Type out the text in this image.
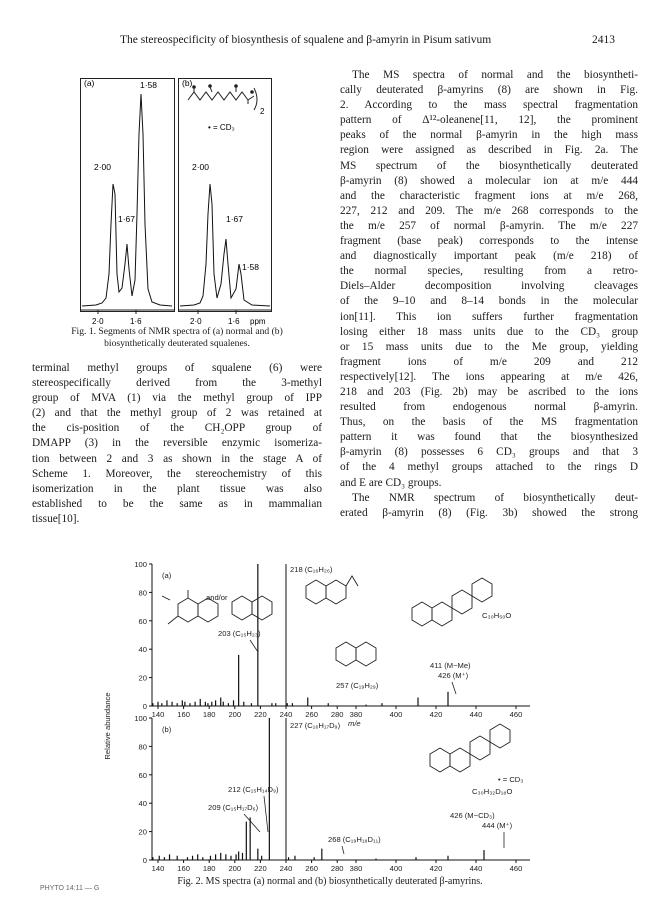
The stereospecificity of biosynthesis of squalene and β-amyrin in Pisum sativum	2413
(a)	(b)
1·58
2·00
1·67
2·00
1·67
1·58
2
• = CD₃
2·0	1·6	2·0	1·6 ppm
Fig. 1. Segments of NMR spectra of (a) normal and (b)
biosynthetically deuterated squalenes.
terminal methyl groups of squalene (6) were
stereospecifically derived from the 3-methyl
group of MVA (1) via the methyl group of IPP
(2) and that the methyl group of 2 was retained at
the cis-position of the CH₂OPP group of
DMAPP (3) in the reversible enzymic isomeriza-
tion between 2 and 3 as shown in the stage A of
Scheme 1. Moreover, the stereochemistry of this
isomerization in the plant tissue was also
established to be the same as in mammalian
tissue[10].
The MS spectra of normal and the biosyntheti-
cally deuterated β-amyrins (8) are shown in Fig.
2. According to the mass spectral fragmentation
pattern of Δ¹²-oleanene[11, 12], the prominent
peaks of the normal β-amyrin in the high mass
region were assigned as described in Fig. 2a. The
MS spectrum of the biosynthetically deuterated
β-amyrin (8) showed a molecular ion at m/e 444
and the characteristic fragment ions at m/e 268,
227, 212 and 209. The m/e 268 corresponds to the
the m/e 257 of normal β-amyrin. The m/e 227
fragment (base peak) corresponds to the intense
and diagnostically important peak (m/e 218) of
the normal species, resulting from a retro-
Diels–Alder decomposition involving cleavages
of the 9–10 and 8–14 bonds in the molecular
ion[11]. This ion suffers further fragmentation
losing either 18 mass units due to the CD₃ group
or 15 mass units due to the Me group, yielding
fragment ions of m/e 209 and 212
respectively[12]. The ions appearing at m/e 426,
218 and 203 (Fig. 2b) may be ascribed to the ions
resulted from endogenous normal β-amyrin.
Thus, on the basis of the MS fragmentation
pattern it was found that the biosynthesized
β-amyrin (8) possesses 6 CD₃ groups and that 3
of the 4 methyl groups attached to the rings D
and E are CD₃ groups.
The NMR spectrum of biosynthetically deut-
erated β-amyrin (8) (Fig. 3b) showed the strong
Relative abundance	140 160 180 200 220 240 260 280 380	400	420	440	460
100
80
60
40
20
0
140 160 180 200 220 240 260 280 380	400	420	440	460
100
80
60
40
20
0
m/e
(a)
(b)
218 (C₁₆H₂₆)
203 (C₁₅H₂₃)
257 (C₁₉H₂₉)
411 (M−Me)
426 (M⁺)
C₃₀H₅₀O
and/or
227 (C₁₆H₁₇D₉)
212 (C₁₅H₁₄D₉)
209 (C₁₅H₁₇D₆)
268 (C₁₉H₁₈D₁₁)
426 (M−CD₃)
444 (M⁺)
• = CD₃
C₃₀H₃₂D₁₈O
Fig. 2. MS spectra (a) normal and (b) biosynthetically deuterated β-amyrins.
PHYTO 14:11 — G
